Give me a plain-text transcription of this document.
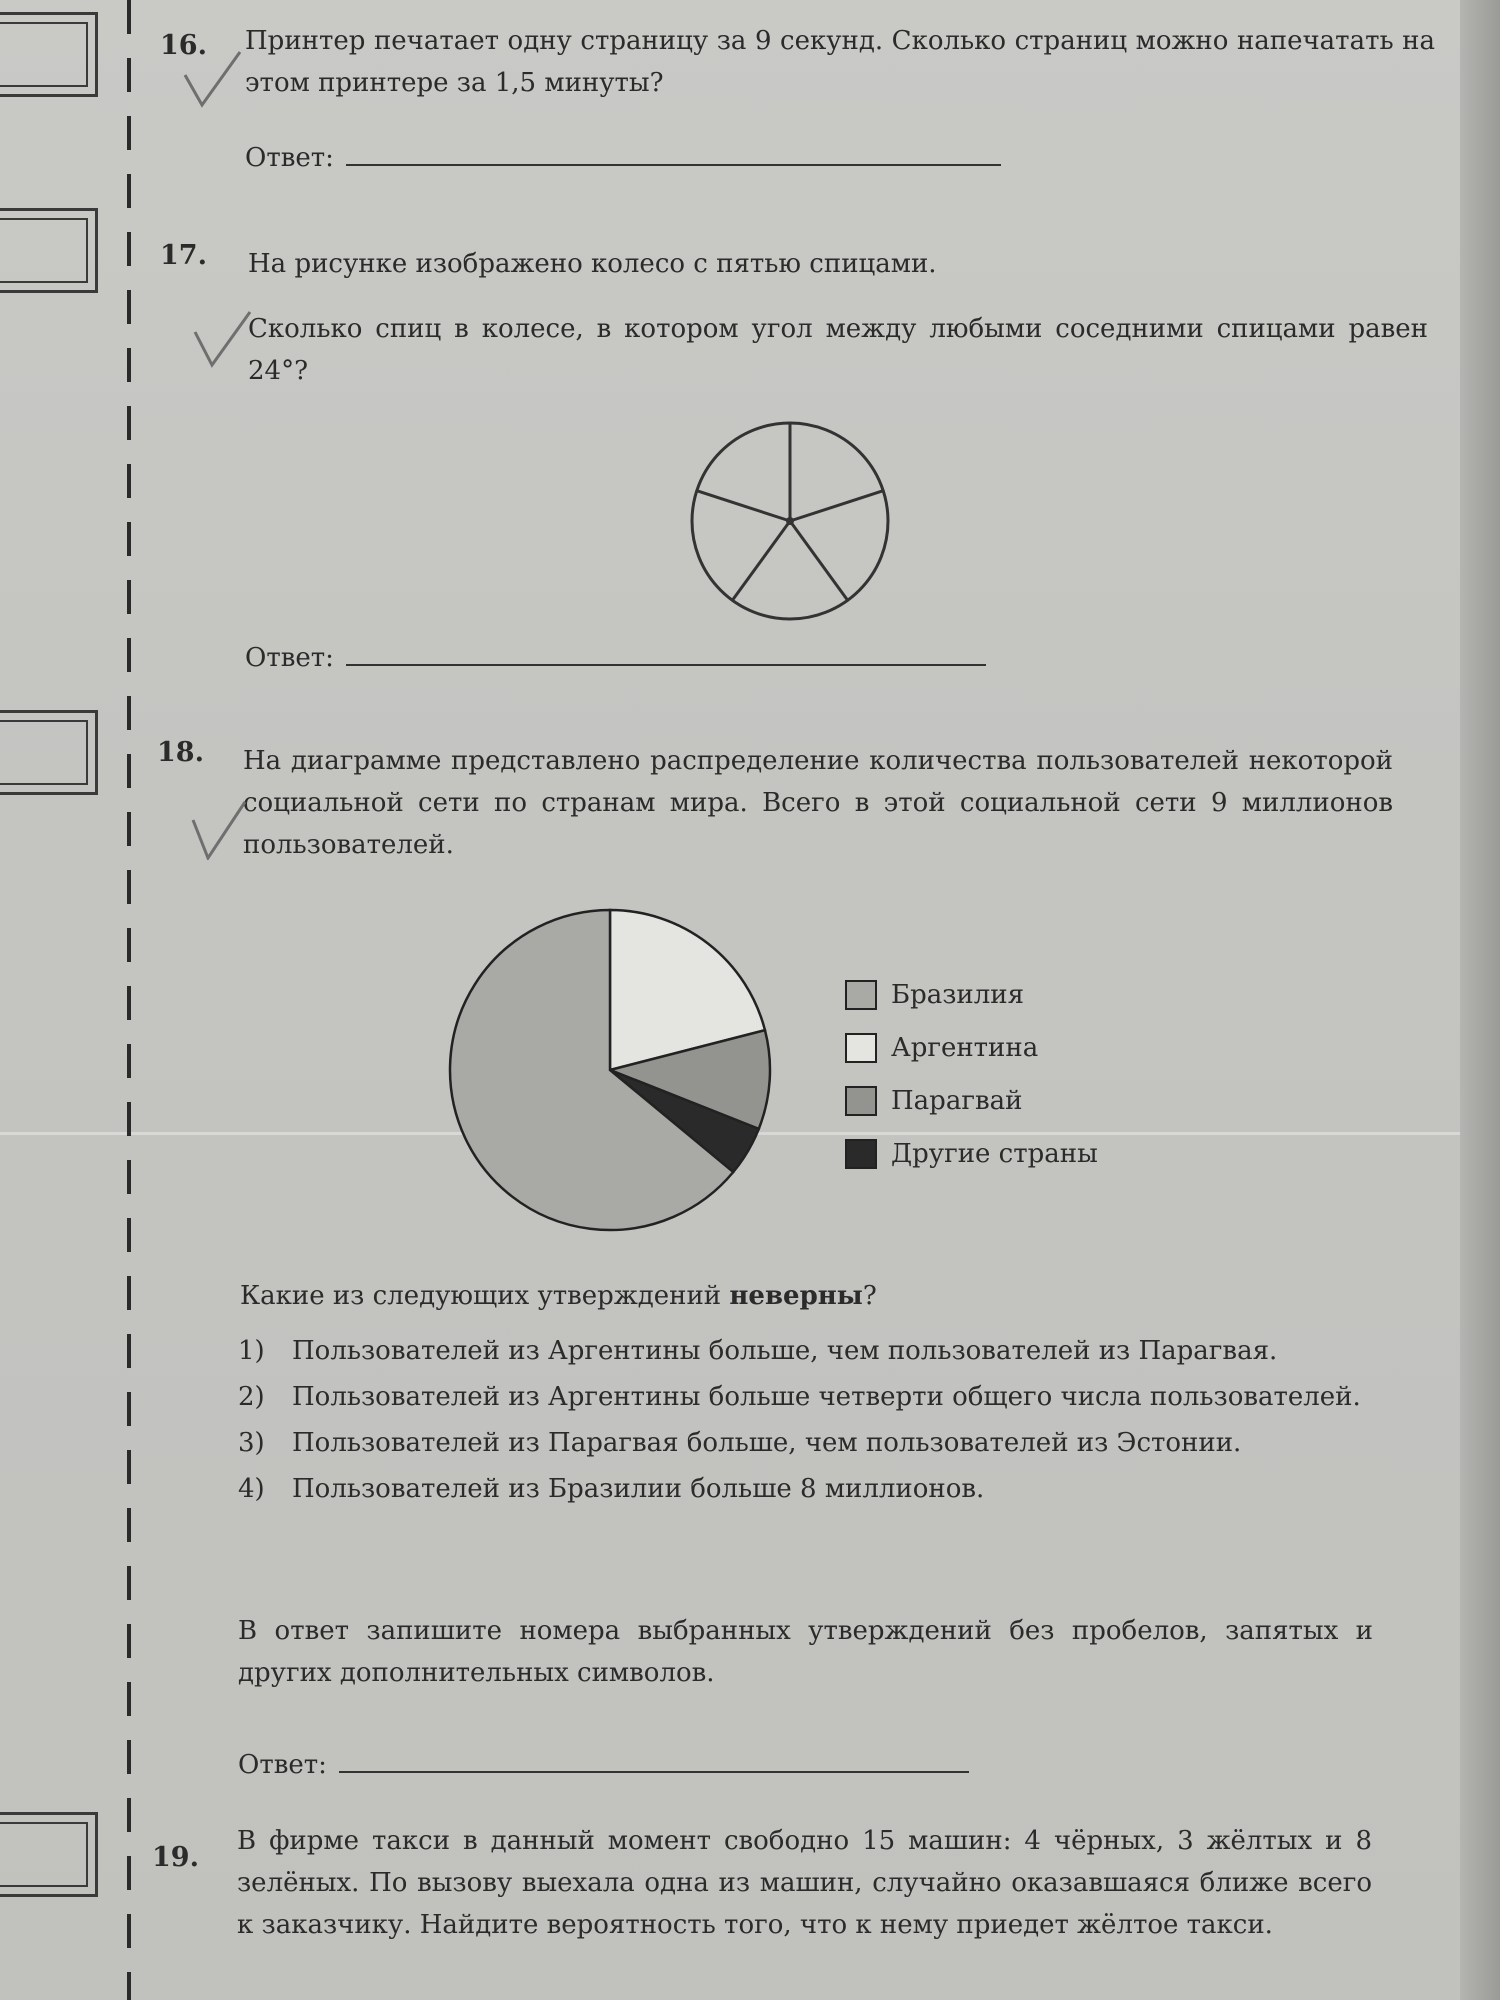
16. Принтер печатает одну страницу за 9 секунд. Сколько страниц можно напечатать на этом принтере за 1,5 минуты?
Ответ:
17. На рисунке изображено колесо с пятью спицами.
Сколько спиц в колесе, в котором угол между любыми соседними спицами равен 24°?
Ответ:
18. На диаграмме представлено распределение количества пользователей некоторой социальной сети по странам мира. Всего в этой социальной сети 9 миллионов пользователей.
Бразилия
Аргентина
Парагвай
Другие страны
Какие из следующих утверждений неверны?
1)	Пользователей из Аргентины больше, чем пользователей из Парагвая.
2)	Пользователей из Аргентины больше четверти общего числа пользователей.
3)	Пользователей из Парагвая больше, чем пользователей из Эстонии.
4)	Пользователей из Бразилии больше 8 миллионов.
В ответ запишите номера выбранных утверждений без пробелов, запятых и других дополнительных символов.
Ответ:
19.
В фирме такси в данный момент свободно 15 машин: 4 чёрных, 3 жёлтых и 8 зелёных. По вызову выехала одна из машин, случайно оказавшаяся ближе всего к заказчику. Найдите вероятность того, что к нему приедет жёлтое такси.
